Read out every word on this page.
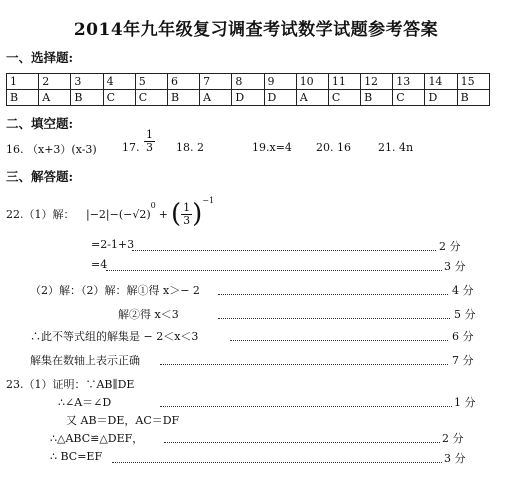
2014年九年级复习调查考试数学试题参考答案
一、选择题:
1	2	3	4	5	6	7	8	9	10	11	12	13	14	15
B	A	B	C	C	B	A	D	D	A	C	B	C	D	B
二、填空题:
16. （x+3）(x-3) 17. $\frac{1}{3} 18$. 2	19.x=4 20. 16 21. 4n
三、解答题:
22.（1）解： |−2|−(−√2)
$^0$
+ ( $\frac{1}{3} )^{-1}$
=2-1+3	2 分
=4	3 分
（2）解：（2）解：解①得 x＞− 2	4 分
解②得 x＜3	5 分
∴此不等式组的解集是 − 2＜x＜3	6 分
解集在数轴上表示正确	7 分
23.（1）证明：∵AB∥DE
∴∠A＝∠D	1 分
又 AB＝DE，AC＝DF
∴△ABC≌△DEF，	2 分
∴ BC=EF	3 分
